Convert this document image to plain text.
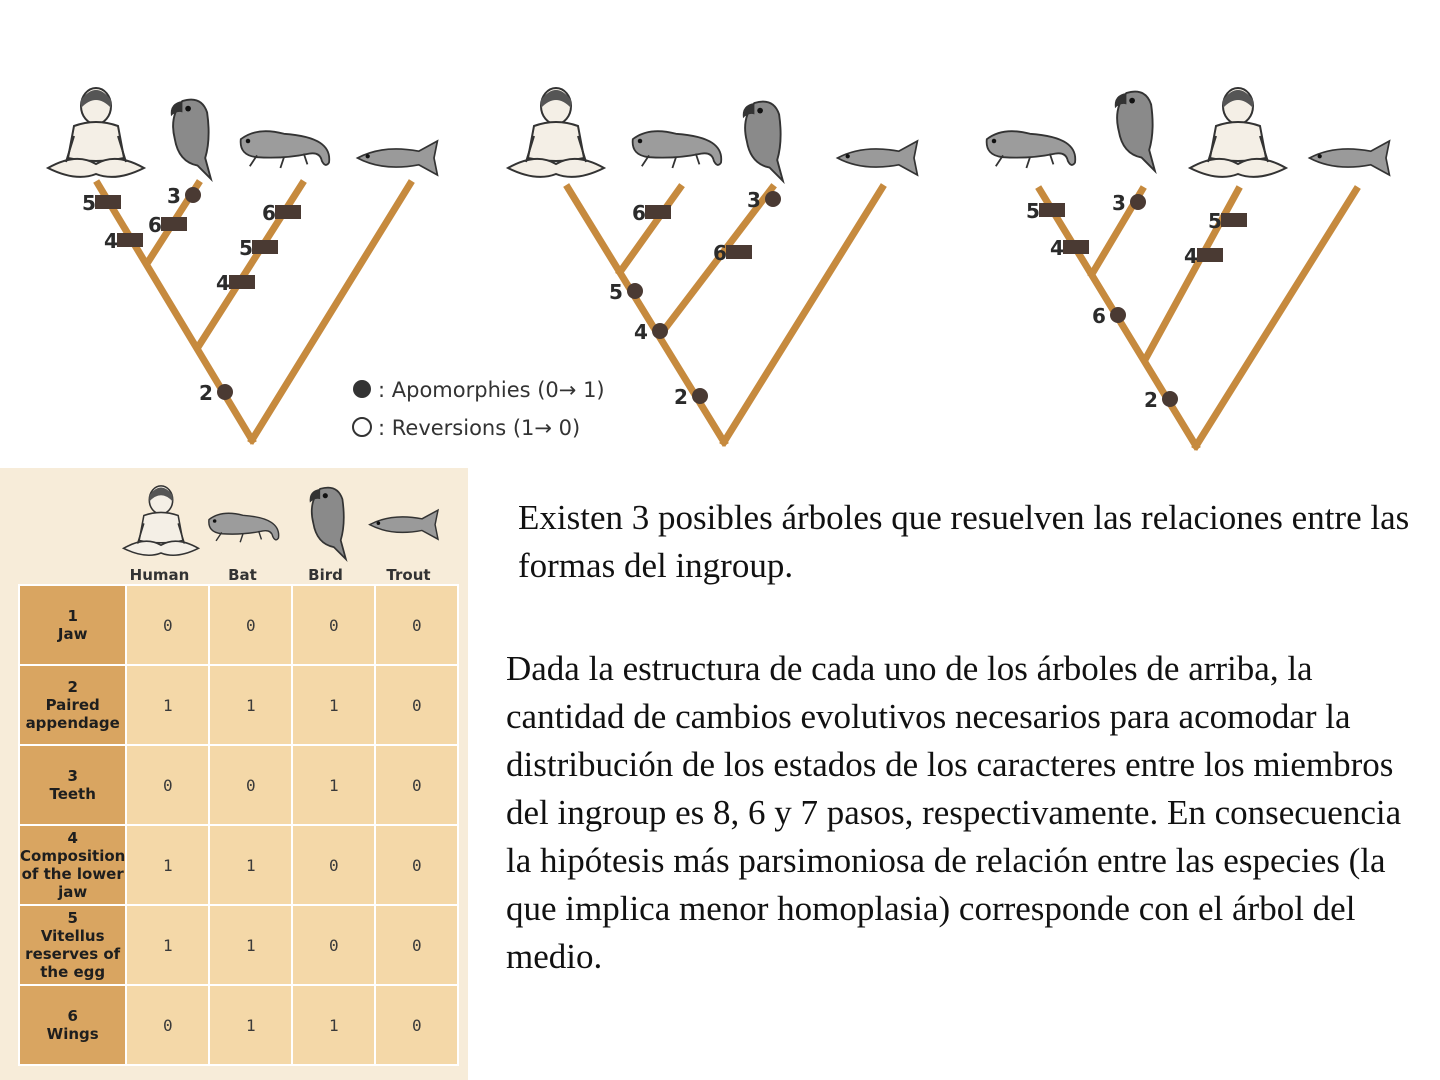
2
4
5
6
3
4
5
6
2
4
5
6
6
3
2
6
4
5	3
4
5
: Apomorphies (0→ 1)
: Reversions (1→ 0)
Human	Bat	Bird	Trout
1
Jaw	0	0	0	0

2
Paired appendage	1	1	1	0

3
Teeth	0	0	1	0

4
Composition of the lower jaw	1	1	0	0

5
Vitellus reserves of the egg	1	1	0	0

6
Wings	0	1	1	0

Existen 3 posibles árboles que resuelven las relaciones entre las formas del ingroup.

Dada la estructura de cada uno de los árboles de arriba, la cantidad de cambios evolutivos necesarios para acomodar la distribución de los estados de los caracteres entre los miembros del ingroup es 8, 6 y 7 pasos, respectivamente. En consecuencia la hipótesis más parsimoniosa de relación entre las especies (la que implica menor homoplasia) corresponde con el árbol del medio.
